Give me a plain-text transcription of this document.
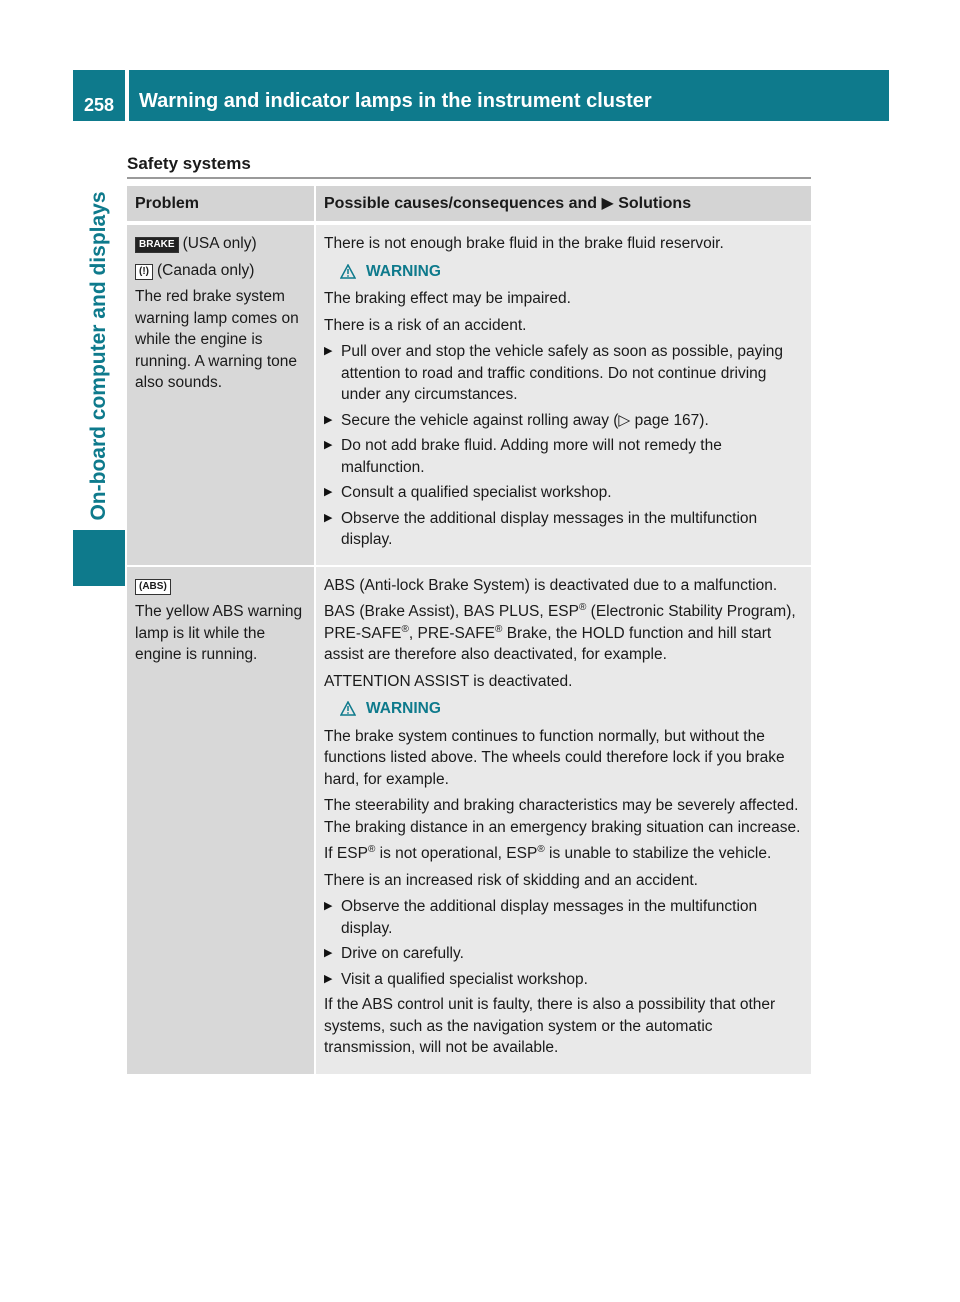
258	Warning and indicator lamps in the instrument cluster
On-board computer and displays
Safety systems
Problem	Possible causes/consequences and ▶ Solutions

BRAKE (USA only)

(!) (Canada only)

The red brake system warning lamp comes on while the engine is running. A warning tone also sounds.

There is not enough brake fluid in the brake fluid reservoir.

WARNING

The braking effect may be impaired.

There is a risk of an accident.

▶ Pull over and stop the vehicle safely as soon as possible, paying attention to road and traffic conditions. Do not continue driving under any circumstances.
▶ Secure the vehicle against rolling away (▷ page 167).
▶ Do not add brake fluid. Adding more will not remedy the malfunction.
▶ Consult a qualified specialist workshop.
▶ Observe the additional display messages in the multifunction display.

(ABS)

The yellow ABS warning lamp is lit while the engine is running.

ABS (Anti-lock Brake System) is deactivated due to a malfunction.

BAS (Brake Assist), BAS PLUS, ESP® (Electronic Stability Program), PRE-SAFE®, PRE-SAFE® Brake, the HOLD function and hill start assist are therefore also deactivated, for example.

ATTENTION ASSIST is deactivated.

WARNING

The brake system continues to function normally, but without the functions listed above. The wheels could therefore lock if you brake hard, for example.

The steerability and braking characteristics may be severely affected. The braking distance in an emergency braking situation can increase.

If ESP® is not operational, ESP® is unable to stabilize the vehicle.

There is an increased risk of skidding and an accident.

▶ Observe the additional display messages in the multifunction display.
▶ Drive on carefully.
▶ Visit a qualified specialist workshop.

If the ABS control unit is faulty, there is also a possibility that other systems, such as the navigation system or the automatic transmission, will not be available.
